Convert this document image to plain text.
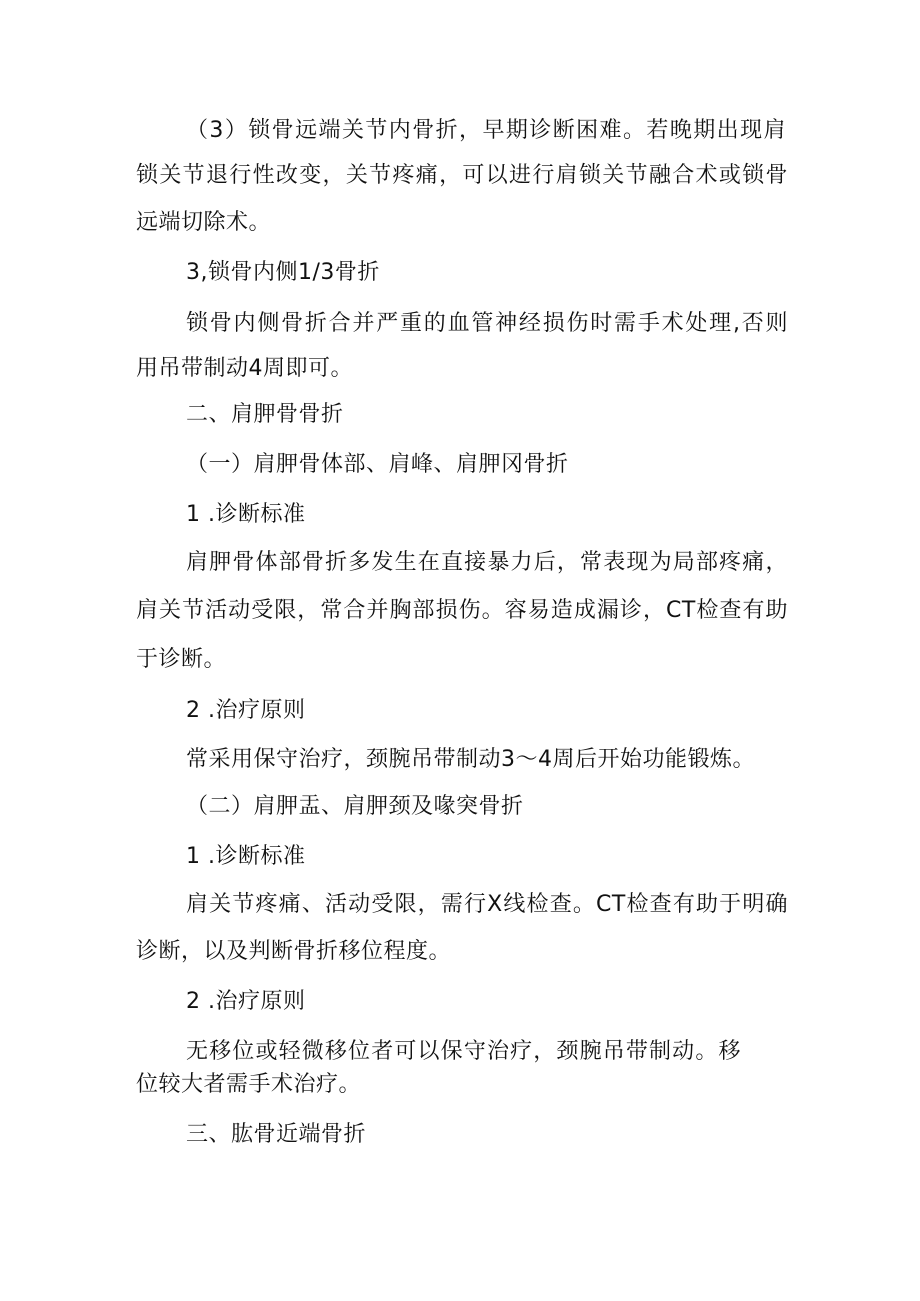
（3）锁骨远端关节内骨折，早期诊断困难。若晚期出现肩
锁关节退行性改变，关节疼痛，可以进行肩锁关节融合术或锁骨
远端切除术。
3,锁骨内侧1/3骨折
锁骨内侧骨折合并严重的血管神经损伤时需手术处理,否则
用吊带制动4周即可。
二、肩胛骨骨折
（一）肩胛骨体部、肩峰、肩胛冈骨折
1 .诊断标准
肩胛骨体部骨折多发生在直接暴力后，常表现为局部疼痛，
肩关节活动受限，常合并胸部损伤。容易造成漏诊，CT检查有助
于诊断。
2 .治疗原则
常采用保守治疗，颈腕吊带制动3～4周后开始功能锻炼。
（二）肩胛盂、肩胛颈及喙突骨折
1 .诊断标准
肩关节疼痛、活动受限，需行X线检查。CT检查有助于明确
诊断，以及判断骨折移位程度。
2 .治疗原则
无移位或轻微移位者可以保守治疗，颈腕吊带制动。移
位较大者需手术治疗。
三、肱骨近端骨折
